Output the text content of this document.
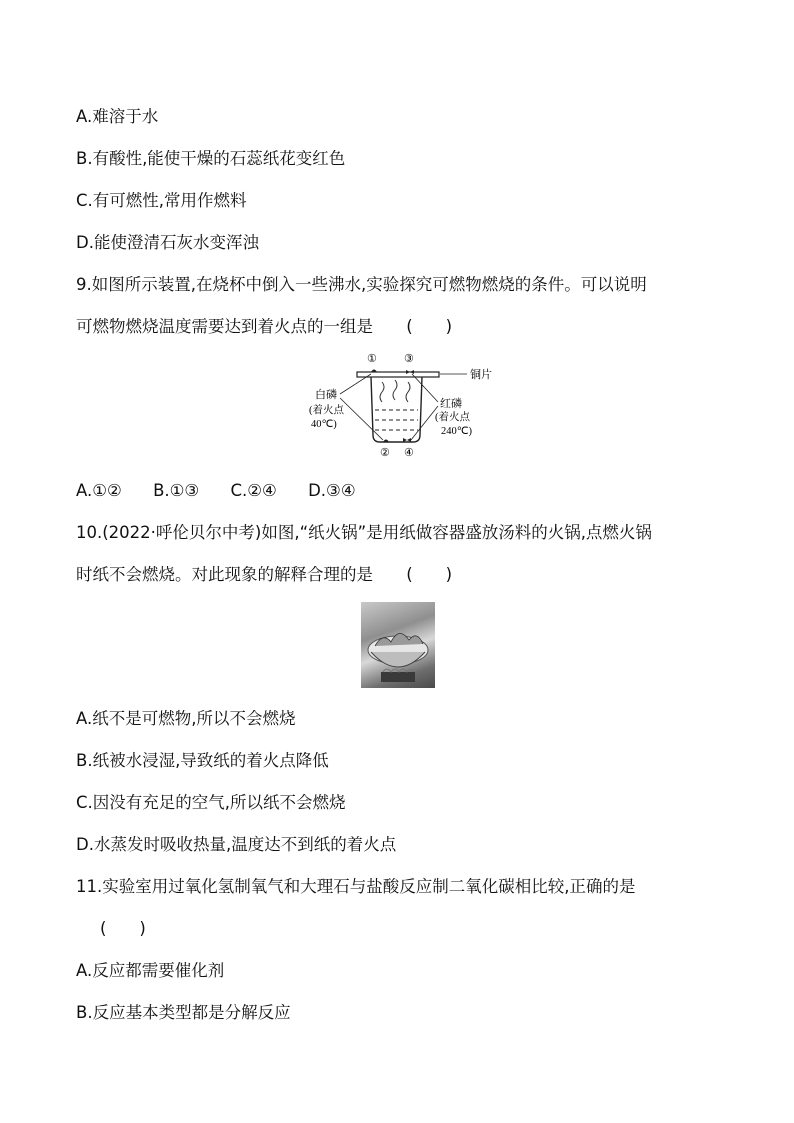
A.难溶于水
B.有酸性,能使干燥的石蕊纸花变红色
C.有可燃性,常用作燃料
D.能使澄清石灰水变浑浊
9.如图所示装置,在烧杯中倒入一些沸水,实验探究可燃物燃烧的条件。可以说明
可燃物燃烧温度需要达到着火点的一组是 (　　)
① ③
② ④
铜片
白磷
(着火点
40℃)
红磷
(着火点
240℃)
A.①② B.①③ C.②④ D.③④
10.(2022·呼伦贝尔中考)如图,“纸火锅”是用纸做容器盛放汤料的火锅,点燃火锅
时纸不会燃烧。对此现象的解释合理的是 (　　)
A.纸不是可燃物,所以不会燃烧
B.纸被水浸湿,导致纸的着火点降低
C.因没有充足的空气,所以纸不会燃烧
D.水蒸发时吸收热量,温度达不到纸的着火点
11.实验室用过氧化氢制氧气和大理石与盐酸反应制二氧化碳相比较,正确的是
(　　)
A.反应都需要催化剂
B.反应基本类型都是分解反应
